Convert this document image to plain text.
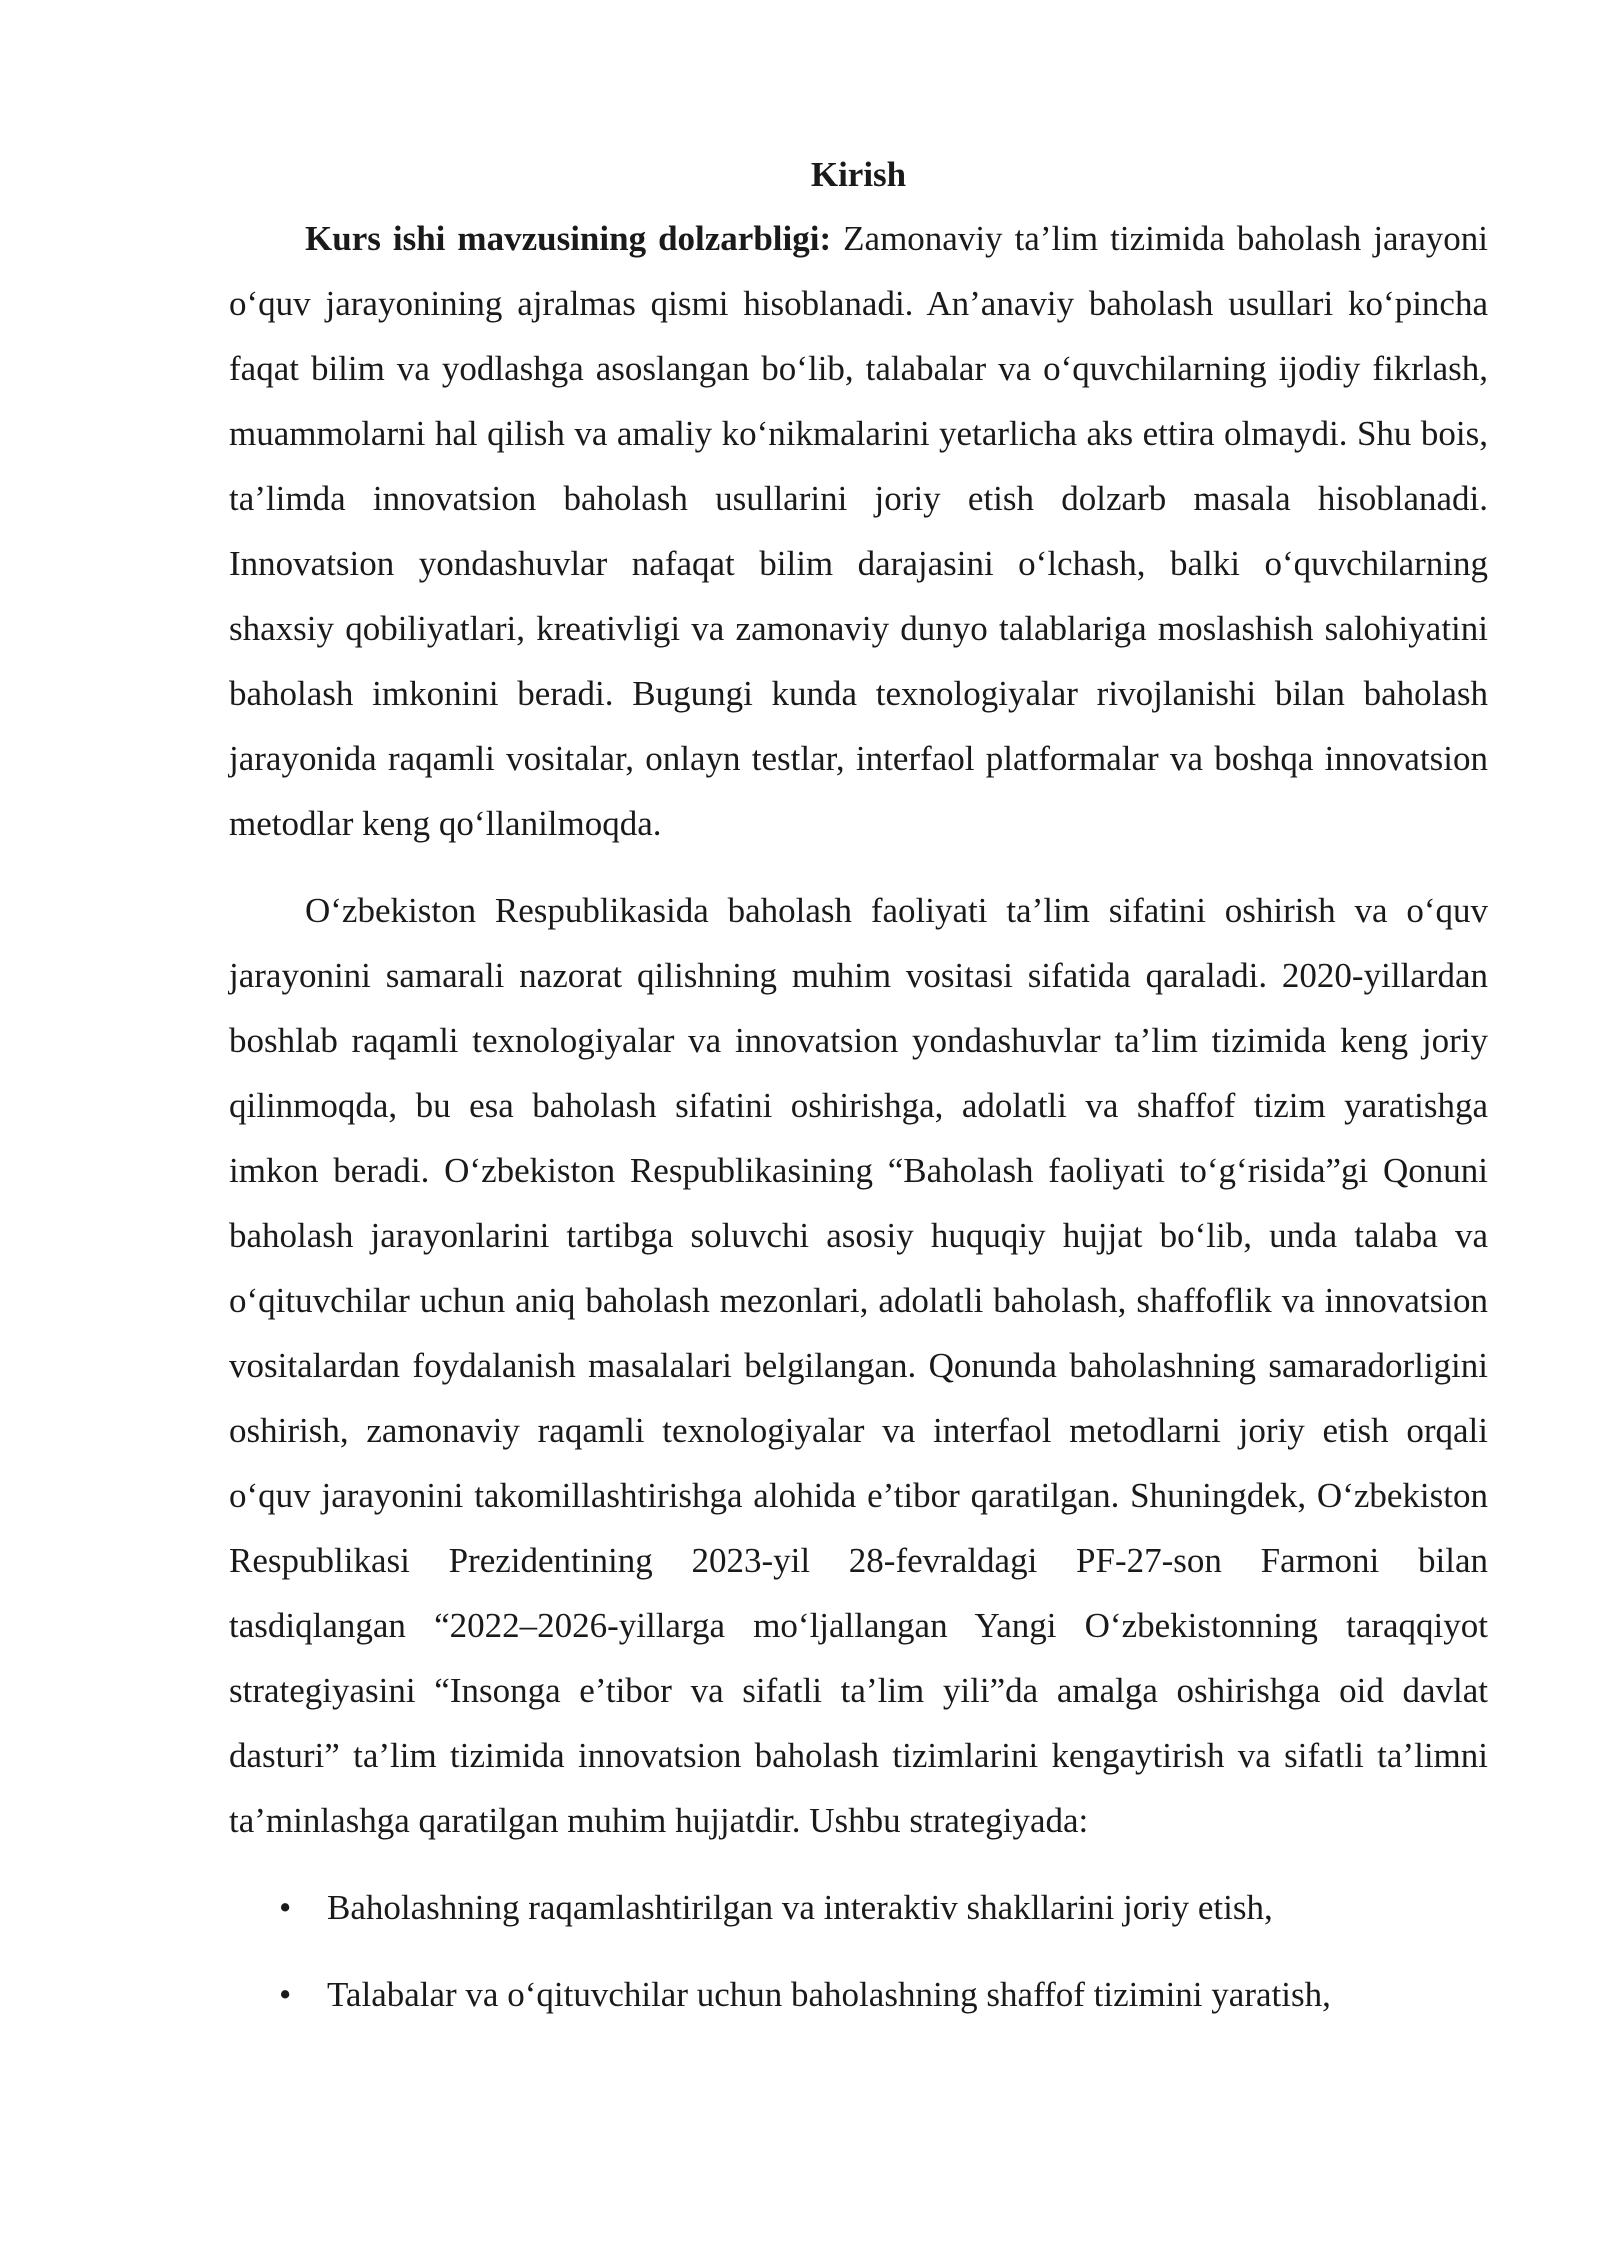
Kirish

Kurs ishi mavzusining dolzarbligi: Zamonaviy ta’lim tizimida baholash jarayoni o‘quv jarayonining ajralmas qismi hisoblanadi. An’anaviy baholash usullari ko‘pincha faqat bilim va yodlashga asoslangan bo‘lib, talabalar va o‘quvchilarning ijodiy fikrlash, muammolarni hal qilish va amaliy ko‘nikmalarini yetarlicha aks ettira olmaydi. Shu bois, ta’limda innovatsion baholash usullarini joriy etish dolzarb masala hisoblanadi. Innovatsion yondashuvlar nafaqat bilim darajasini o‘lchash, balki o‘quvchilarning shaxsiy qobiliyatlari, kreativligi va zamonaviy dunyo talablariga moslashish salohiyatini baholash imkonini beradi. Bugungi kunda texnologiyalar rivojlanishi bilan baholash jarayonida raqamli vositalar, onlayn testlar, interfaol platformalar va boshqa innovatsion metodlar keng qo‘llanilmoqda.

O‘zbekiston Respublikasida baholash faoliyati ta’lim sifatini oshirish va o‘quv jarayonini samarali nazorat qilishning muhim vositasi sifatida qaraladi. 2020-yillardan boshlab raqamli texnologiyalar va innovatsion yondashuvlar ta’lim tizimida keng joriy qilinmoqda, bu esa baholash sifatini oshirishga, adolatli va shaffof tizim yaratishga imkon beradi. O‘zbekiston Respublikasining “Baholash faoliyati to‘g‘risida”gi Qonuni baholash jarayonlarini tartibga soluvchi asosiy huquqiy hujjat bo‘lib, unda talaba va o‘qituvchilar uchun aniq baholash mezonlari, adolatli baholash, shaffoflik va innovatsion vositalardan foydalanish masalalari belgilangan. Qonunda baholashning samaradorligini oshirish, zamonaviy raqamli texnologiyalar va interfaol metodlarni joriy etish orqali o‘quv jarayonini takomillashtirishga alohida e’tibor qaratilgan. Shuningdek, O‘zbekiston Respublikasi Prezidentining 2023-yil 28-fevraldagi PF-27-son Farmoni bilan tasdiqlangan “2022–2026-yillarga mo‘ljallangan Yangi O‘zbekistonning taraqqiyot strategiyasini “Insonga e’tibor va sifatli ta’lim yili”da amalga oshirishga oid davlat dasturi” ta’lim tizimida innovatsion baholash tizimlarini kengaytirish va sifatli ta’limni ta’minlashga qaratilgan muhim hujjatdir. Ushbu strategiyada:

• Baholashning raqamlashtirilgan va interaktiv shakllarini joriy etish,
• Talabalar va o‘qituvchilar uchun baholashning shaffof tizimini yaratish,
